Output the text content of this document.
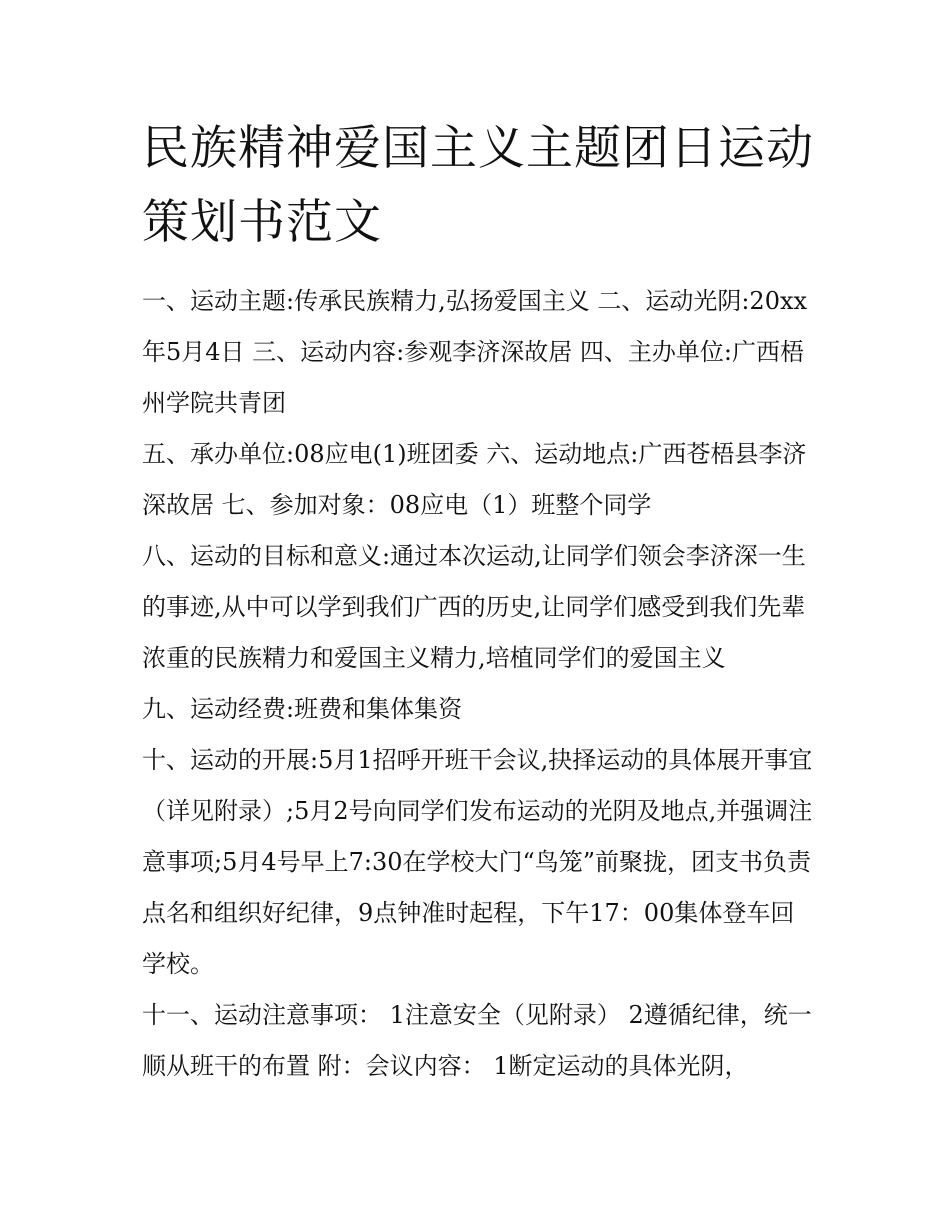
民族精神爱国主义主题团日运动策划书范文

一、运动主题:传承民族精力,弘扬爱国主义 二、运动光阴:20xx年5月4日 三、运动内容:参观李济深故居 四、主办单位:广西梧州学院共青团

五、承办单位:08应电(1)班团委 六、运动地点:广西苍梧县李济深故居 七、参加对象：08应电（1）班整个同学

八、运动的目标和意义:通过本次运动,让同学们领会李济深一生的事迹,从中可以学到我们广西的历史,让同学们感受到我们先辈浓重的民族精力和爱国主义精力,培植同学们的爱国主义

九、运动经费:班费和集体集资

十、运动的开展:5月1招呼开班干会议,抉择运动的具体展开事宜（详见附录）;5月2号向同学们发布运动的光阴及地点,并强调注意事项;5月4号早上7:30在学校大门“鸟笼”前聚拢，团支书负责点名和组织好纪律，9点钟准时起程，下午17：00集体登车回学校。

十一、运动注意事项： 1注意安全（见附录） 2遵循纪律，统一顺从班干的布置 附：会议内容： 1断定运动的具体光阴，
